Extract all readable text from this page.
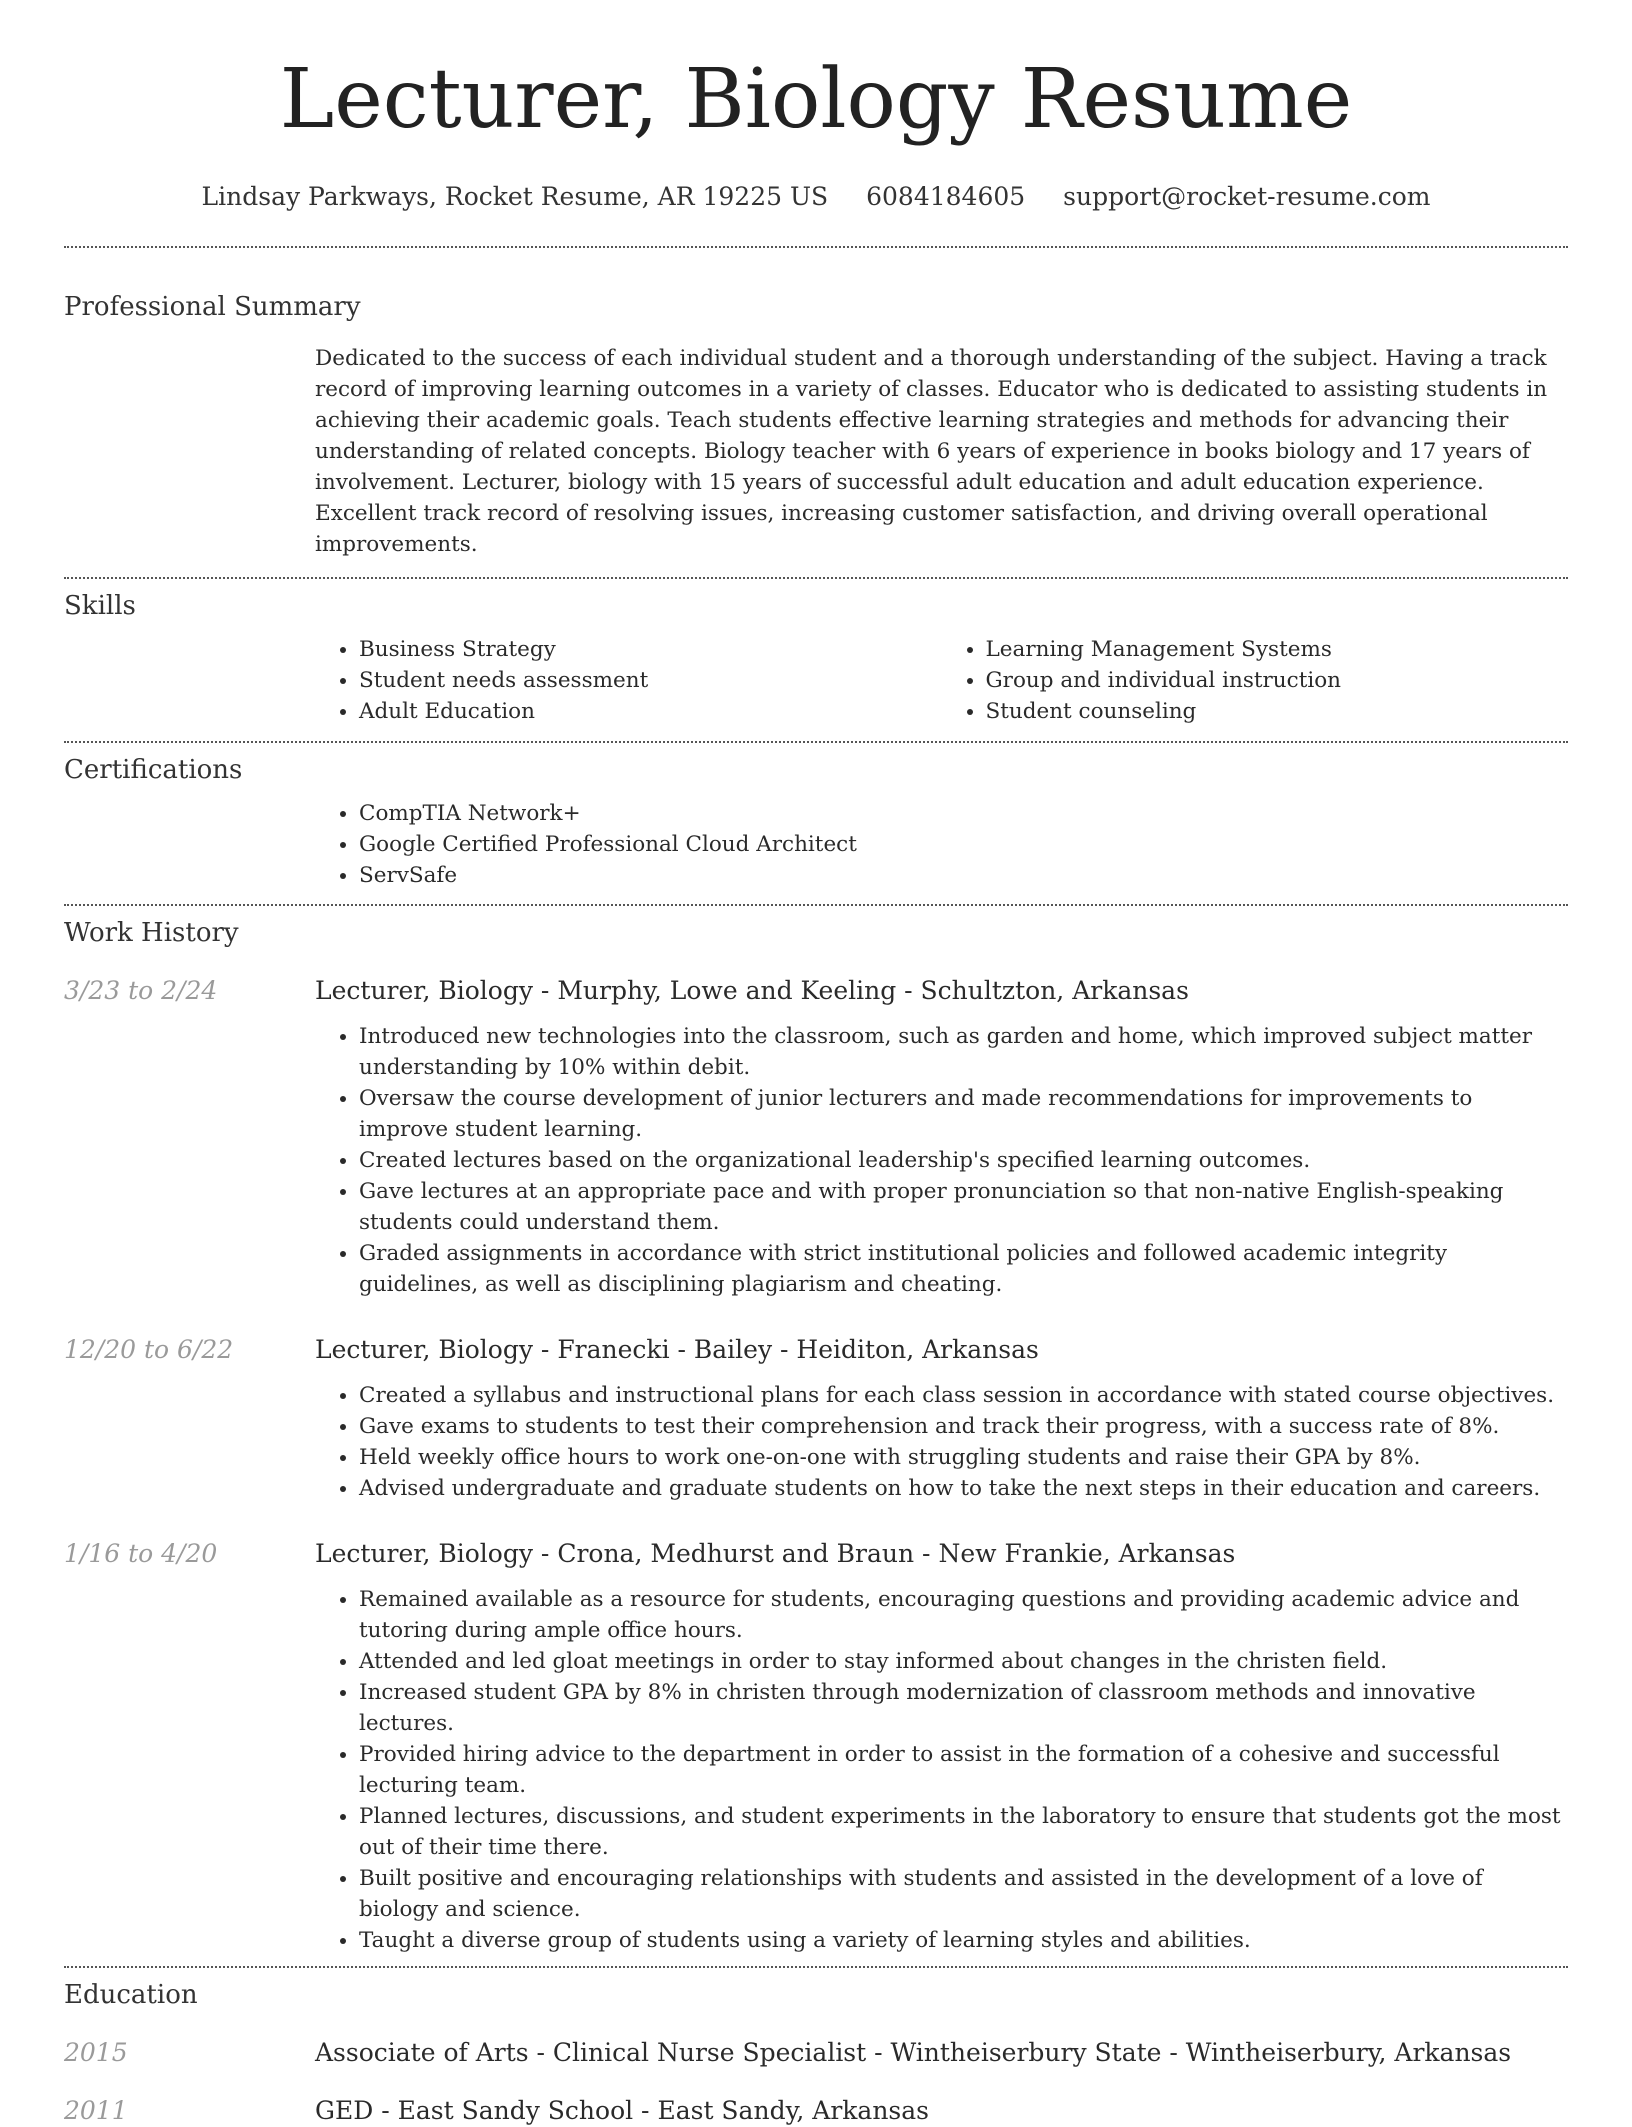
Lecturer, Biology Resume
Lindsay Parkways, Rocket Resume, AR 19225 US 6084184605 support@rocket-resume.com
Professional Summary
Dedicated to the success of each individual student and a thorough understanding of the subject. Having a track record of improving learning outcomes in a variety of classes. Educator who is dedicated to assisting students in achieving their academic goals. Teach students effective learning strategies and methods for advancing their understanding of related concepts. Biology teacher with 6 years of experience in books biology and 17 years of involvement. Lecturer, biology with 15 years of successful adult education and adult education experience. Excellent track record of resolving issues, increasing customer satisfaction, and driving overall operational improvements.
Skills
• Business Strategy
• Student needs assessment
• Adult Education
• Learning Management Systems
• Group and individual instruction
• Student counseling
Certifications
• CompTIA Network+
• Google Certified Professional Cloud Architect
• ServSafe
Work History
3/23 to 2/24	Lecturer, Biology - Murphy, Lowe and Keeling - Schultzton, Arkansas
• Introduced new technologies into the classroom, such as garden and home, which improved subject matter understanding by 10% within debit.
• Oversaw the course development of junior lecturers and made recommendations for improvements to improve student learning.
• Created lectures based on the organizational leadership's specified learning outcomes.
• Gave lectures at an appropriate pace and with proper pronunciation so that non-native English-speaking students could understand them.
• Graded assignments in accordance with strict institutional policies and followed academic integrity guidelines, as well as disciplining plagiarism and cheating.
12/20 to 6/22	Lecturer, Biology - Franecki - Bailey - Heiditon, Arkansas
• Created a syllabus and instructional plans for each class session in accordance with stated course objectives.
• Gave exams to students to test their comprehension and track their progress, with a success rate of 8%.
• Held weekly office hours to work one-on-one with struggling students and raise their GPA by 8%.
• Advised undergraduate and graduate students on how to take the next steps in their education and careers.
1/16 to 4/20	Lecturer, Biology - Crona, Medhurst and Braun - New Frankie, Arkansas
• Remained available as a resource for students, encouraging questions and providing academic advice and tutoring during ample office hours.
• Attended and led gloat meetings in order to stay informed about changes in the christen field.
• Increased student GPA by 8% in christen through modernization of classroom methods and innovative lectures.
• Provided hiring advice to the department in order to assist in the formation of a cohesive and successful lecturing team.
• Planned lectures, discussions, and student experiments in the laboratory to ensure that students got the most out of their time there.
• Built positive and encouraging relationships with students and assisted in the development of a love of biology and science.
• Taught a diverse group of students using a variety of learning styles and abilities.
Education
2015	Associate of Arts - Clinical Nurse Specialist - Wintheiserbury State - Wintheiserbury, Arkansas
2011	GED - East Sandy School - East Sandy, Arkansas
